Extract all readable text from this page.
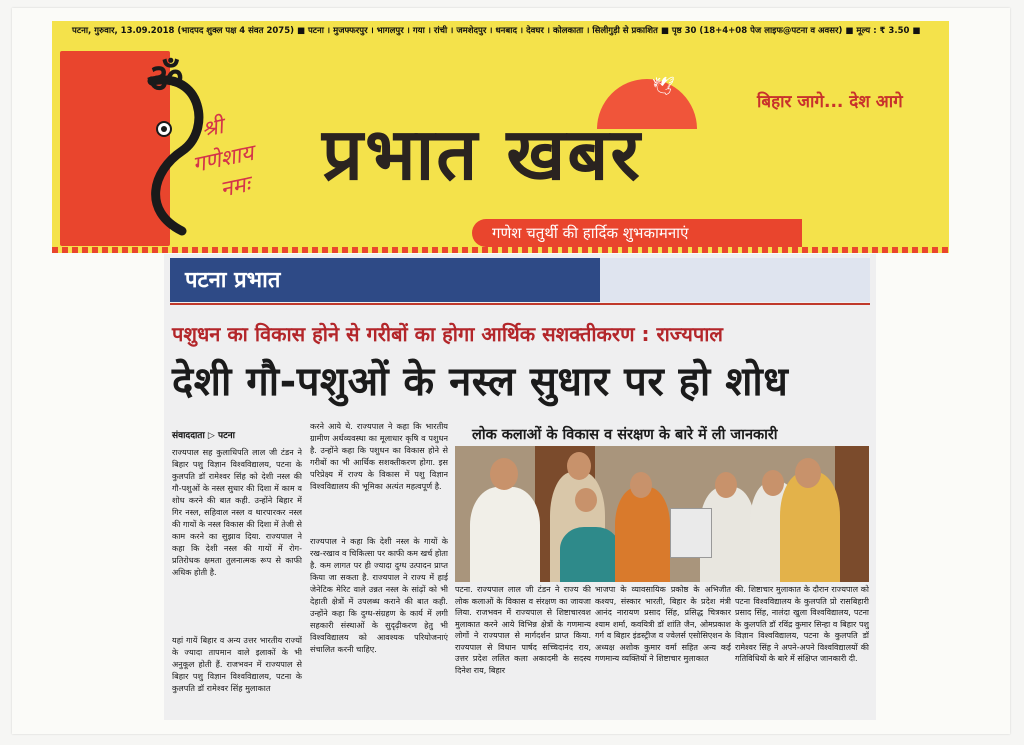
पटना, गुरुवार, 13.09.2018 (भादपद शुक्ल पक्ष 4 संवत 2075) ■ पटना । मुजफ्फरपुर । भागलपुर । गया । रांची । जमशेदपुर । धनबाद । देवघर । कोलकाता । सिलीगुड़ी से प्रकाशित ■ पृष्ठ 30 (18+4+08 पेज लाइफ@पटना व अवसर) ■ मूल्य : ₹ 3.50 ■
ॐ
श्री
गणेशाय
नमः
🕊
बिहार जागे... देश आगे
प्रभात खबर
गणेश चतुर्थी की हार्दिक शुभकामनाएं
पटना प्रभात
पशुधन का विकास होने से गरीबों का होगा आर्थिक सशक्तीकरण : राज्यपाल
देशी गौ-पशुओं के नस्ल सुधार पर हो शोध
संवाददाता ▷ पटना

राज्यपाल सह कुलाधिपति लाल जी टंडन ने बिहार पशु विज्ञान विश्वविद्यालय, पटना के कुलपति डॉ रामेश्वर सिंह को देशी नस्ल की गौ-पशुओं के नस्ल सुधार की दिशा में काम व शोध करने की बात कही. उन्होंने बिहार में गिर नस्ल, सहिवाल नस्ल व थारपारकर नस्ल की गायों के नस्ल विकास की दिशा में तेजी से काम करने का सुझाव दिया. राज्यपाल ने कहा कि देशी नस्ल की गायों में रोग-प्रतिरोधक क्षमता तुलनात्मक रूप से काफी अधिक होती है.

यहां गायें बिहार व अन्य उत्तर भारतीय राज्यों के ज्यादा तापमान वाले इलाकों के भी अनुकूल होती हैं. राजभवन में राज्यपाल से बिहार पशु विज्ञान विश्वविद्यालय, पटना के कुलपति डॉ रामेश्वर सिंह मुलाकात

करने आये थे. राज्यपाल ने कहा कि भारतीय ग्रामीण अर्थव्यवस्था का मूलाधार कृषि व पशुधन है. उन्होंने कहा कि पशुधन का विकास होने से गरीबों का भी आर्थिक सशक्तीकरण होगा. इस परिप्रेक्ष्य में राज्य के विकास में पशु विज्ञान विश्वविद्यालय की भूमिका अत्यंत महत्वपूर्ण है.

राज्यपाल ने कहा कि देशी नस्ल के गायों के रख-रखाव व चिकित्सा पर काफी कम खर्च होता है. कम लागत पर ही ज्यादा दुग्ध उत्पादन प्राप्त किया जा सकता है. राज्यपाल ने राज्य में हाई जेनेटिक मेरिट वाले उन्नत नस्ल के सांढ़ों को भी देहाती क्षेत्रों में उपलब्ध कराने की बात कही. उन्होंने कहा कि दुग्ध-संग्रहण के कार्य में लगी सहकारी संस्थाओं के सुदृढ़ीकरण हेतु भी विश्वविद्यालय को आवश्यक परियोजनाएं संचालित करनी चाहिए.

लोक कलाओं के विकास व संरक्षण के बारे में ली जानकारी

पटना. राज्यपाल लाल जी टंडन ने राज्य की लोक कलाओं के विकास व संरक्षण का जायजा लिया. राजभवन में राज्यपाल से शिष्टाचारवश मुलाकात करने आये विभिन्न क्षेत्रों के गणमान्य लोगों ने राज्यपाल से मार्गदर्शन प्राप्त किया. राज्यपाल से विधान पार्षद सच्चिदानंद राय, उत्तर प्रदेश ललित कला अकादमी के सदस्य दिनेश राय, बिहार

भाजपा के व्यावसायिक प्रकोष्ठ के अभिजीत कश्यप, संस्कार भारती, बिहार के प्रदेश मंत्री आनंद नारायण प्रसाद सिंह, प्रसिद्ध चित्रकार श्याम शर्मा, कवयित्री डॉ शांति जैन, ओमप्रकाश गर्ग व बिहार इंडस्ट्रीज व ज्वेलर्स एसोसिएशन के अध्यक्ष अशोक कुमार वर्मा सहित अन्य कई गणमान्य व्यक्तियों ने शिष्टाचार मुलाकात

की. शिष्टाचार मुलाकात के दौरान राज्यपाल को पटना विश्वविद्यालय के कुलपति प्रो रासबिहारी प्रसाद सिंह, नालंदा खुला विश्वविद्यालय, पटना के कुलपति डॉ रविंद्र कुमार सिन्हा व बिहार पशु विज्ञान विश्वविद्यालय, पटना के कुलपति डॉ रामेश्वर सिंह ने अपने-अपने विश्वविद्यालयों की गतिविधियों के बारे में संक्षिप्त जानकारी दी.
